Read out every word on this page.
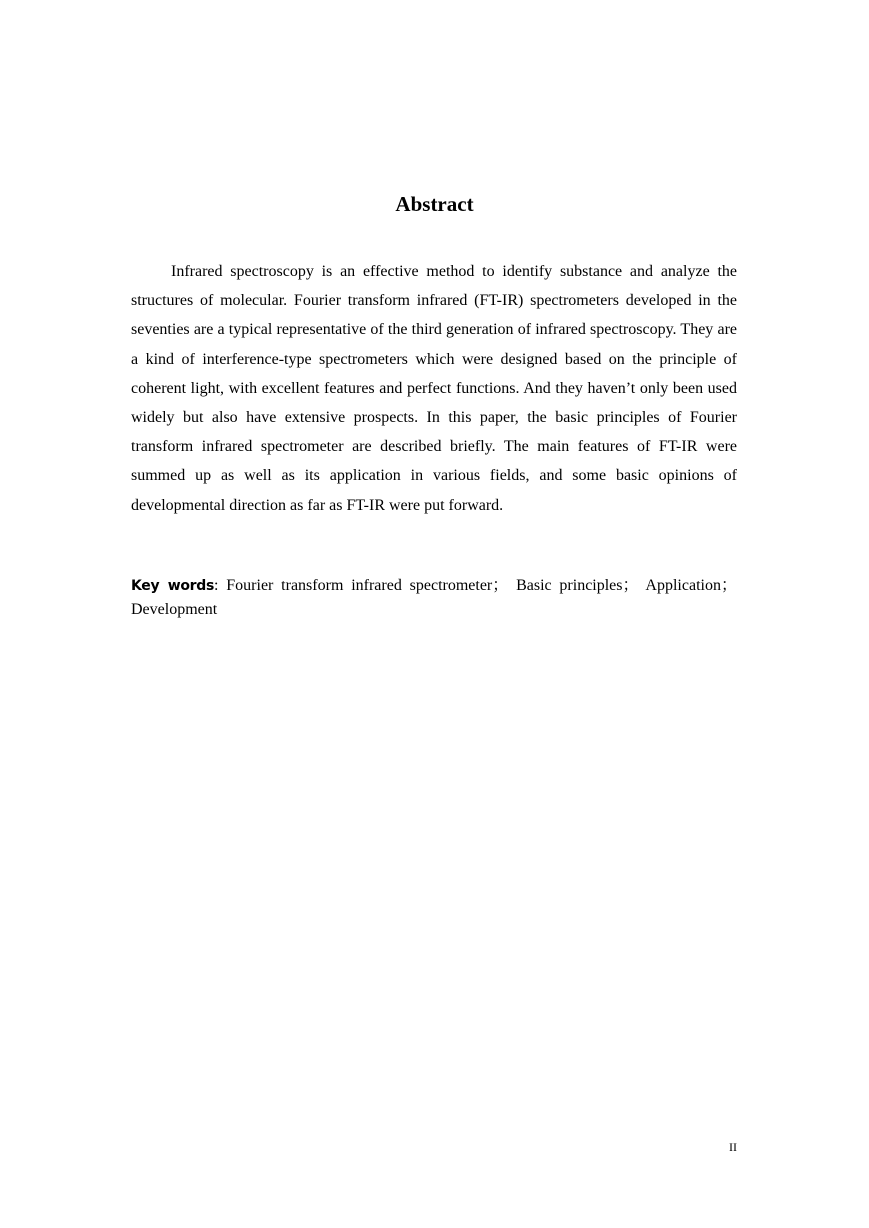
Abstract

Infrared spectroscopy is an effective method to identify substance and analyze the structures of molecular. Fourier transform infrared (FT-IR) spectrometers developed in the seventies are a typical representative of the third generation of infrared spectroscopy. They are a kind of interference-type spectrometers which were designed based on the principle of coherent light, with excellent features and perfect functions. And they haven’t only been used widely but also have extensive prospects. In this paper, the basic principles of Fourier transform infrared spectrometer are described briefly. The main features of FT-IR were summed up as well as its application in various fields, and some basic opinions of developmental direction as far as FT-IR were put forward.

Key words: Fourier transform infrared spectrometer； Basic principles； Application； Development

II
